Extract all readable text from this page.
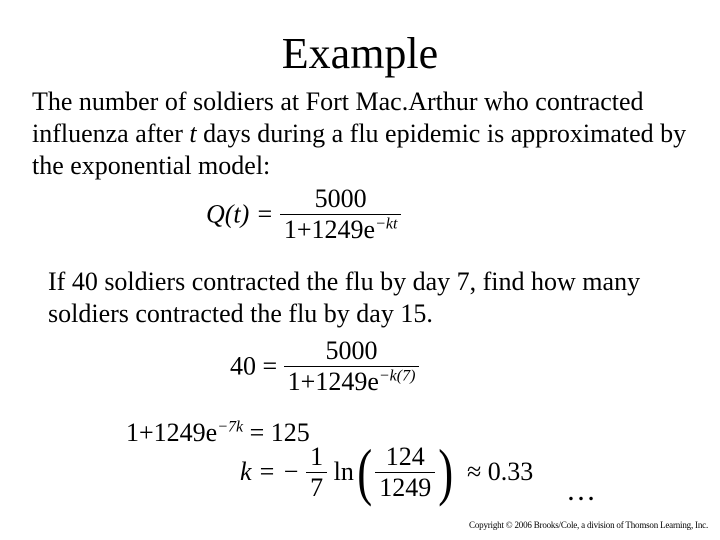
Example
The number of soldiers at Fort Mac.Arthur who contracted influenza after t days during a flu epidemic is approximated by the exponential model:
$Q(t) = \frac{5000}{1+1249e^{-kt}}$
If 40 soldiers contracted the flu by day 7, find how many soldiers contracted the flu by day 15.
$40 = \frac{5000}{1+1249e^{-k(7)}}$
$1+1249e^{-7k} = 125$
k = − $\frac{1}{7} \ln( \frac{124}{1249}$ ) ≈ 0.33
…
Copyright © 2006 Brooks/Cole, a division of Thomson Learning, Inc.
